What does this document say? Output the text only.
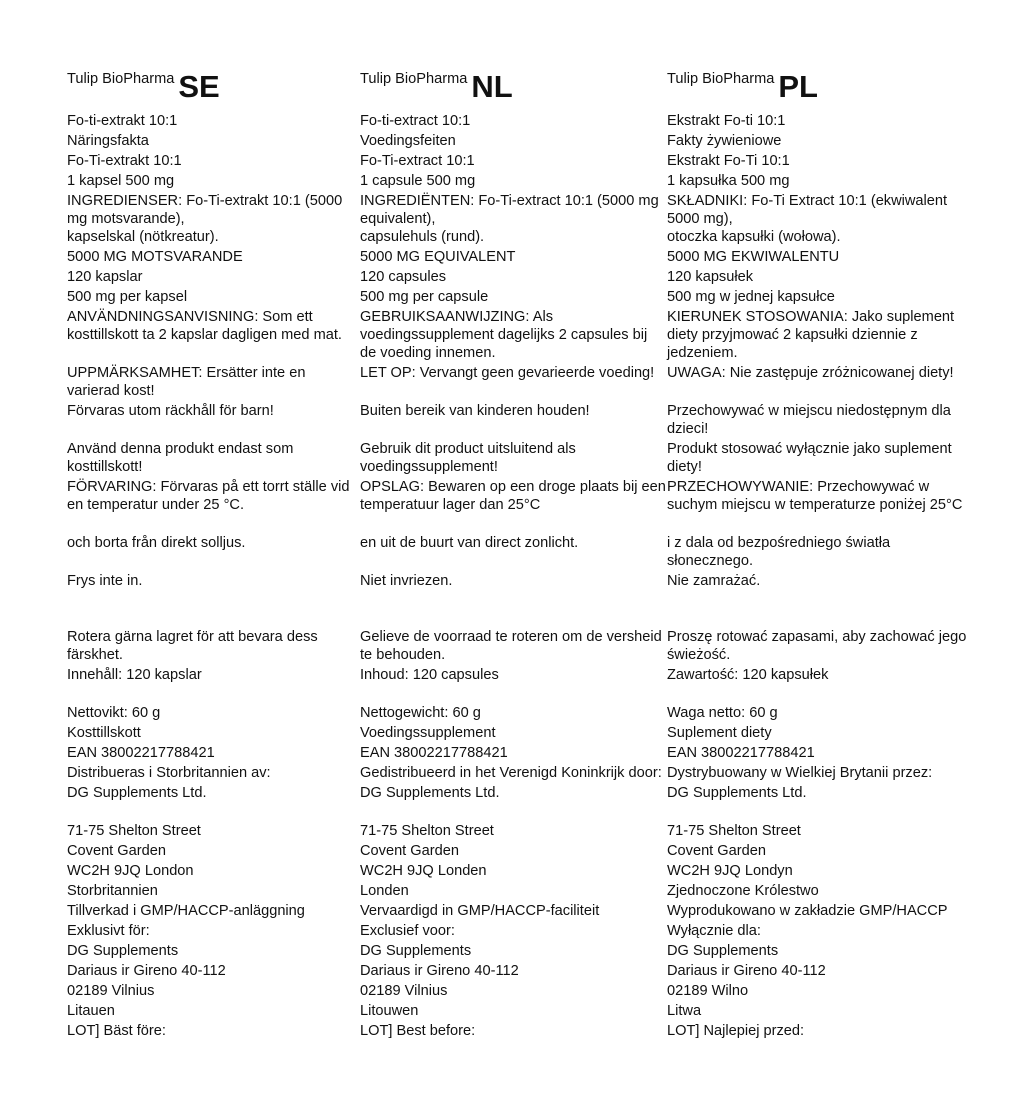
Tulip BioPharma SE
Fo-ti-extrakt 10:1
Näringsfakta
Fo-Ti-extrakt 10:1
1 kapsel 500 mg
INGREDIENSER: Fo-Ti-extrakt 10:1 (5000 mg motsvarande),
kapselskal (nötkreatur).
5000 MG MOTSVARANDE
120 kapslar
500 mg per kapsel
ANVÄNDNINGSANVISNING: Som ett kosttillskott ta 2 kapslar dagligen med mat.
UPPMÄRKSAMHET: Ersätter inte en varierad kost!
Förvaras utom räckhåll för barn!
Använd denna produkt endast som kosttillskott!
FÖRVARING: Förvaras på ett torrt ställe vid en temperatur under 25 °C.
och borta från direkt solljus.
Frys inte in.
Rotera gärna lagret för att bevara dess färskhet.
Innehåll: 120 kapslar
Nettovikt: 60 g
Kosttillskott
EAN 38002217788421
Distribueras i Storbritannien av:
DG Supplements Ltd.
71-75 Shelton Street
Covent Garden
WC2H 9JQ London
Storbritannien
Tillverkad i GMP/HACCP-anläggning
Exklusivt för:
DG Supplements
Dariaus ir Gireno 40-112
02189 Vilnius
Litauen
LOT] Bäst före:
Tulip BioPharma NL
Fo-ti-extract 10:1
Voedingsfeiten
Fo-Ti-extract 10:1
1 capsule 500 mg
INGREDIËNTEN: Fo-Ti-extract 10:1 (5000 mg equivalent),
capsulehuls (rund).
5000 MG EQUIVALENT
120 capsules
500 mg per capsule
GEBRUIKSAANWIJZING: Als voedingssupplement dagelijks 2 capsules bij de voeding innemen.
LET OP: Vervangt geen gevarieerde voeding!
Buiten bereik van kinderen houden!
Gebruik dit product uitsluitend als voedingssupplement!
OPSLAG: Bewaren op een droge plaats bij een temperatuur lager dan 25°C
en uit de buurt van direct zonlicht.
Niet invriezen.
Gelieve de voorraad te roteren om de versheid te behouden.
Inhoud: 120 capsules
Nettogewicht: 60 g
Voedingssupplement
EAN 38002217788421
Gedistribueerd in het Verenigd Koninkrijk door:
DG Supplements Ltd.
71-75 Shelton Street
Covent Garden
WC2H 9JQ Londen
Londen
Vervaardigd in GMP/HACCP-faciliteit
Exclusief voor:
DG Supplements
Dariaus ir Gireno 40-112
02189 Vilnius
Litouwen
LOT] Best before:
Tulip BioPharma PL
Ekstrakt Fo-ti 10:1
Fakty żywieniowe
Ekstrakt Fo-Ti 10:1
1 kapsułka 500 mg
SKŁADNIKI: Fo-Ti Extract 10:1 (ekwiwalent 5000 mg),
otoczka kapsułki (wołowa).
5000 MG EKWIWALENTU
120 kapsułek
500 mg w jednej kapsułce
KIERUNEK STOSOWANIA: Jako suplement diety przyjmować 2 kapsułki dziennie z jedzeniem.
UWAGA: Nie zastępuje zróżnicowanej diety!
Przechowywać w miejscu niedostępnym dla dzieci!
Produkt stosować wyłącznie jako suplement diety!
PRZECHOWYWANIE: Przechowywać w suchym miejscu w temperaturze poniżej 25°C
i z dala od bezpośredniego światła słonecznego.
Nie zamrażać.
Proszę rotować zapasami, aby zachować jego świeżość.
Zawartość: 120 kapsułek
Waga netto: 60 g
Suplement diety
EAN 38002217788421
Dystrybuowany w Wielkiej Brytanii przez:
DG Supplements Ltd.
71-75 Shelton Street
Covent Garden
WC2H 9JQ Londyn
Zjednoczone Królestwo
Wyprodukowano w zakładzie GMP/HACCP
Wyłącznie dla:
DG Supplements
Dariaus ir Gireno 40-112
02189 Wilno
Litwa
LOT] Najlepiej przed:
